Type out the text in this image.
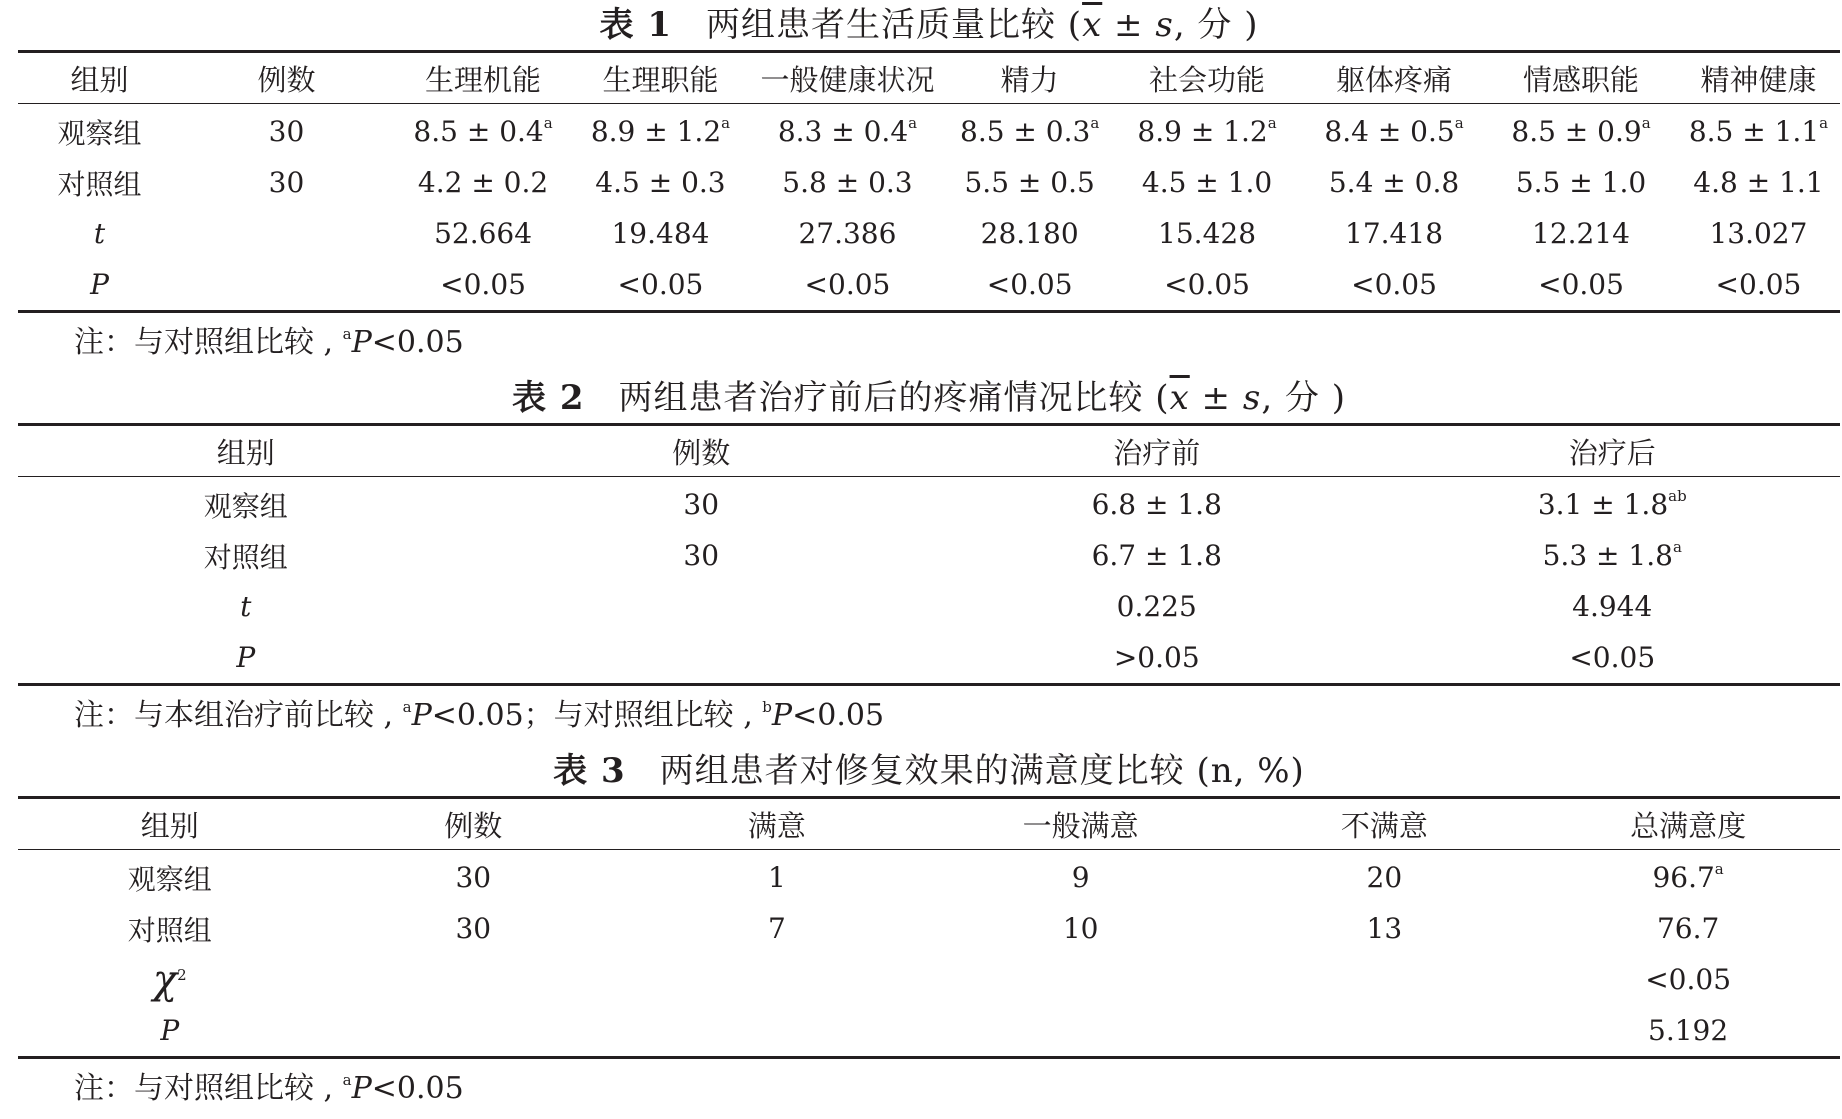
表 1 两组患者生活质量比较 ($\overline{x} \pm s$, 分 )
组别	例数	生理机能	生理职能	一般健康状况	精力	社会功能	躯体疼痛	情感职能	精神健康
观察组	30	8.5 ± 0.4$^a$	8.9 ± 1.2$^a$	8.3 ± 0.4$^a$	8.5 ± 0.3$^a$	8.9 ± 1.2$^a$	8.4 ± 0.5$^a$	8.5 ± 0.9$^a$	8.5 ± 1.1$^a$
对照组	30	4.2 ± 0.2	4.5 ± 0.3	5.8 ± 0.3	5.5 ± 0.5	4.5 ± 1.0	5.4 ± 0.8	5.5 ± 1.0	4.8 ± 1.1
t		52.664	19.484	27.386	28.180	15.428	17.418	12.214	13.027
P		<0.05	<0.05	<0.05	<0.05	<0.05	<0.05	<0.05	<0.05
注：与对照组比较 , $^a$P<0.05
表 2 两组患者治疗前后的疼痛情况比较 ($\overline{x} \pm s$, 分 )
组别	例数	治疗前	治疗后
观察组	30	6.8 ± 1.8	3.1 ± 1.8$^{ab}$
对照组	30	6.7 ± 1.8	5.3 ± 1.8$^a$
t		0.225	4.944
P		>0.05	<0.05
注：与本组治疗前比较 , $^a$P<0.05；与对照组比较 , $^b$P<0.05
表 3 两组患者对修复效果的满意度比较 (n, %)
组别	例数	满意	一般满意	不满意	总满意度
观察组	30	1	9	20	96.7$^a$
对照组	30	7	10	13	76.7
$\chi^2$					<0.05
P					5.192
注：与对照组比较 , $^a$P<0.05
